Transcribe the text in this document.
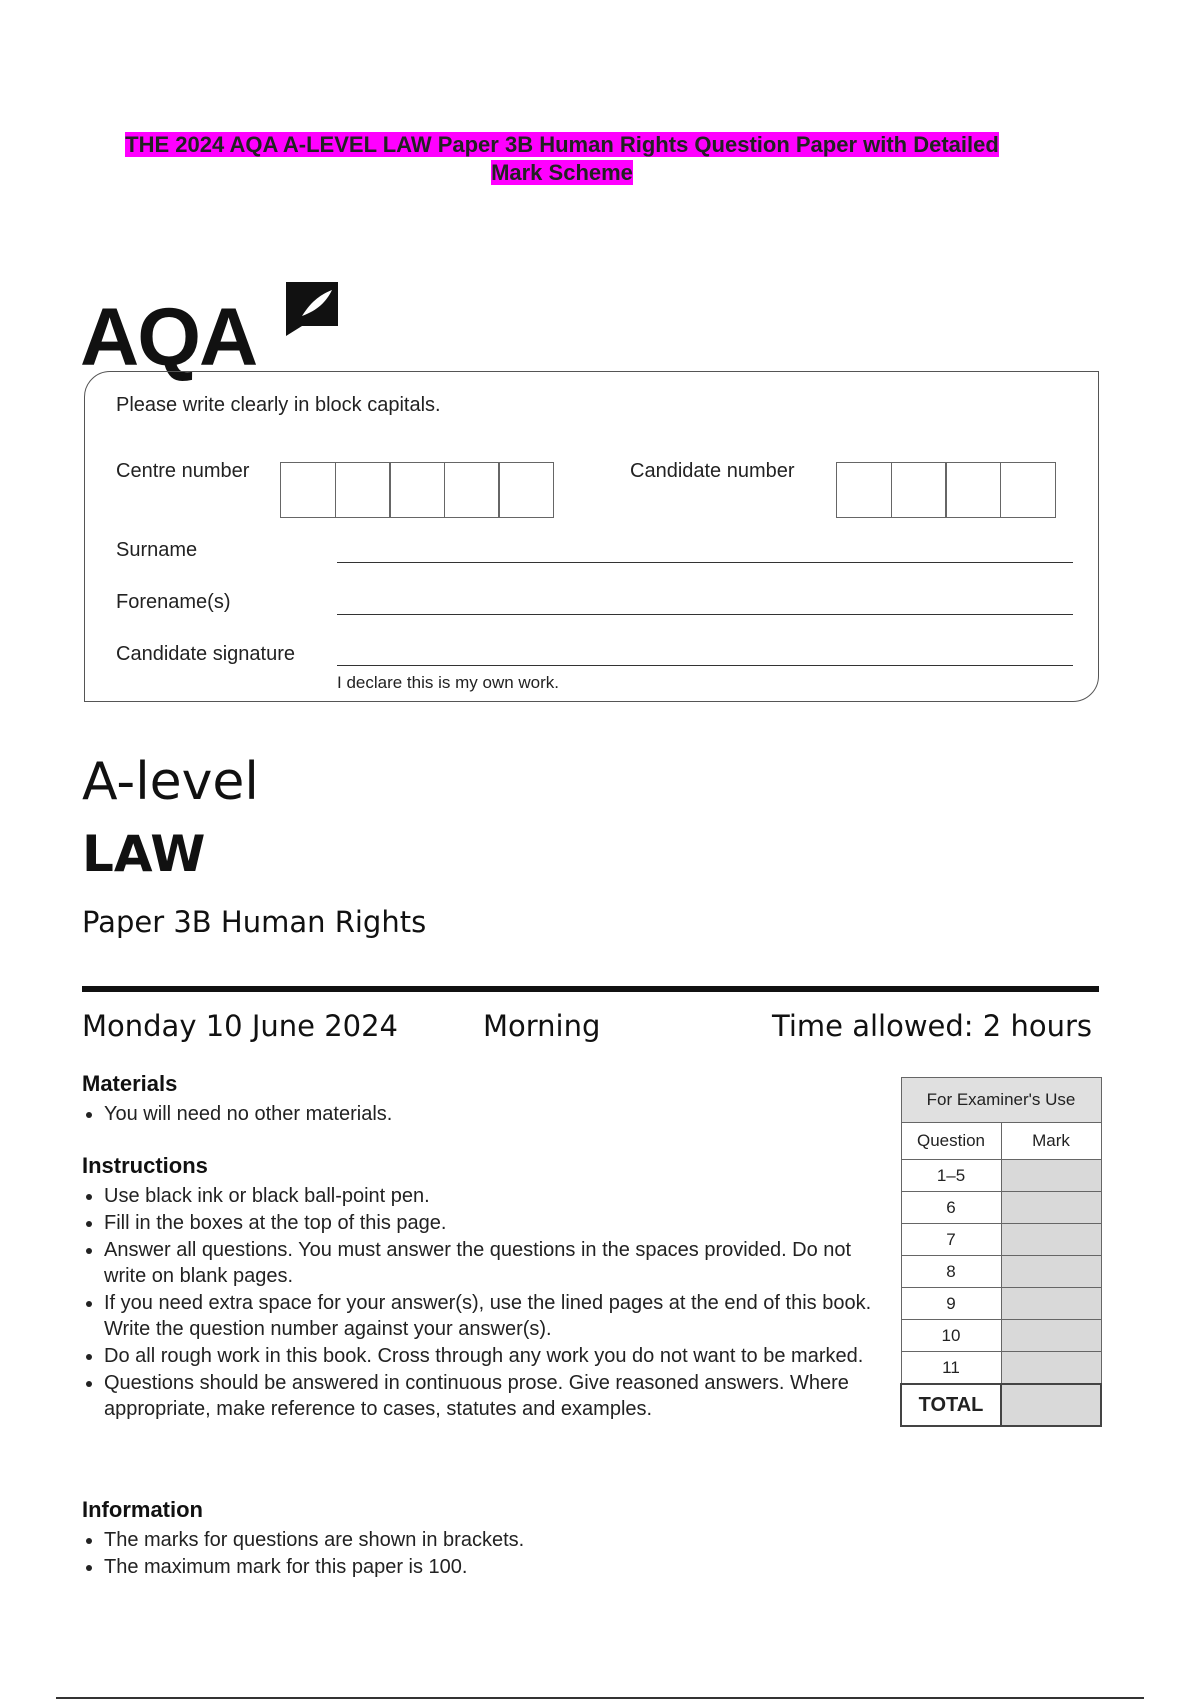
THE 2024 AQA A-LEVEL LAW Paper 3B Human Rights Question Paper with Detailed
Mark Scheme
AQA
Please write clearly in block capitals.
Centre number	Candidate number
Surname
Forename(s)
Candidate signature
I declare this is my own work.
A-level
LAW
Paper 3B Human Rights
Monday 10 June 2024	Morning	Time allowed: 2 hours
Materials
• You will need no other materials.
Instructions
• Use black ink or black ball-point pen.
• Fill in the boxes at the top of this page.
• Answer all questions. You must answer the questions in the spaces provided. Do not write on blank pages.
• If you need extra space for your answer(s), use the lined pages at the end of this book. Write the question number against your answer(s).
• Do all rough work in this book. Cross through any work you do not want to be marked.
• Questions should be answered in continuous prose. Give reasoned answers. Where appropriate, make reference to cases, statutes and examples.
Information
• The marks for questions are shown in brackets.
• The maximum mark for this paper is 100.
For Examiner's Use	
Question	Mark
1–5	
6	
7	
8	
9	
10	
11	
TOTAL	
